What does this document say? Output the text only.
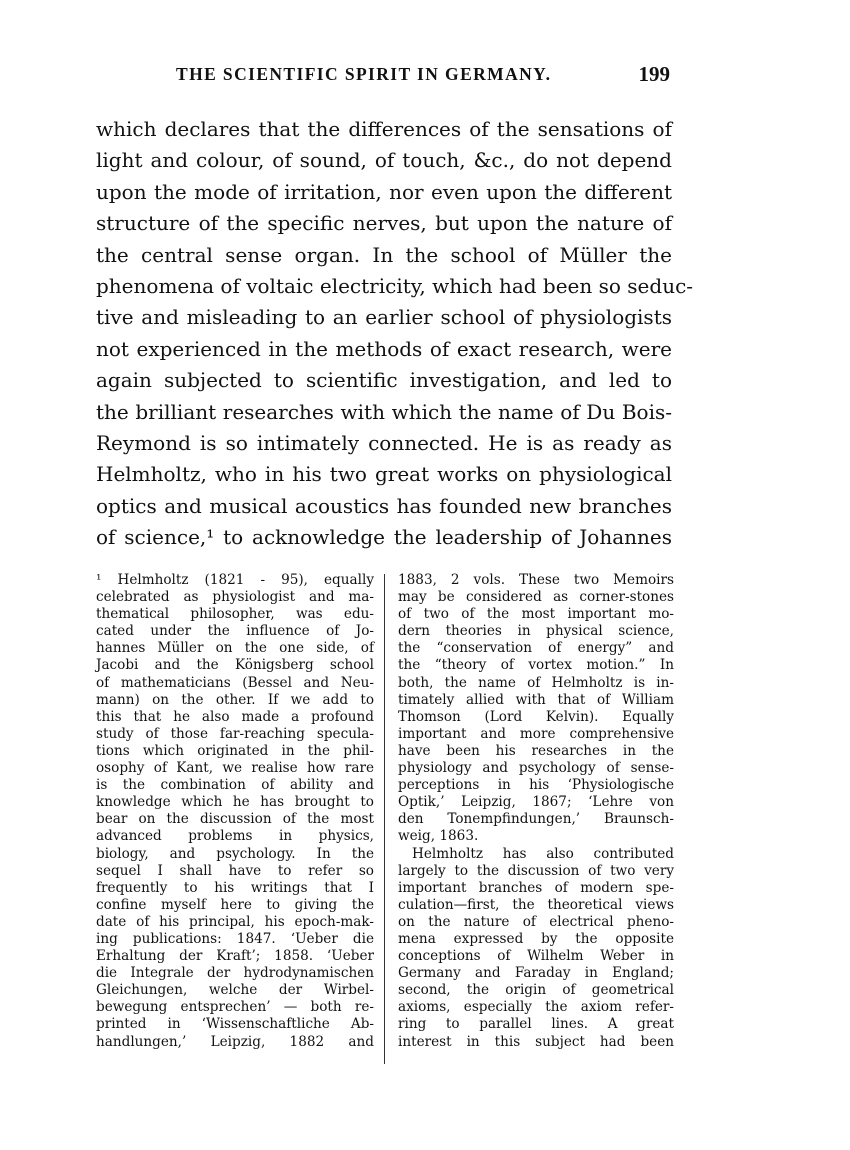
THE SCIENTIFIC SPIRIT IN GERMANY.	199
which declares that the differences of the sensations of
light and colour, of sound, of touch, &c., do not depend
upon the mode of irritation, nor even upon the different
structure of the specific nerves, but upon the nature of
the central sense organ. In the school of Müller the
phenomena of voltaic electricity, which had been so seduc-
tive and misleading to an earlier school of physiologists
not experienced in the methods of exact research, were
again subjected to scientific investigation, and led to
the brilliant researches with which the name of Du Bois-
Reymond is so intimately connected. He is as ready as
Helmholtz, who in his two great works on physiological
optics and musical acoustics has founded new branches
of science,¹ to acknowledge the leadership of Johannes
¹ Helmholtz (1821 - 95), equally
celebrated as physiologist and ma-
thematical philosopher, was edu-
cated under the influence of Jo-
hannes Müller on the one side, of
Jacobi and the Königsberg school
of mathematicians (Bessel and Neu-
mann) on the other. If we add to
this that he also made a profound
study of those far-reaching specula-
tions which originated in the phil-
osophy of Kant, we realise how rare
is the combination of ability and
knowledge which he has brought to
bear on the discussion of the most
advanced problems in physics,
biology, and psychology. In the
sequel I shall have to refer so
frequently to his writings that I
confine myself here to giving the
date of his principal, his epoch-mak-
ing publications: 1847. ‘Ueber die
Erhaltung der Kraft’; 1858. ‘Ueber
die Integrale der hydrodynamischen
Gleichungen, welche der Wirbel-
bewegung entsprechen’ — both re-
printed in ‘Wissenschaftliche Ab-
handlungen,’ Leipzig, 1882 and
1883, 2 vols. These two Memoirs
may be considered as corner-stones
of two of the most important mo-
dern theories in physical science,
the “conservation of energy” and
the “theory of vortex motion.” In
both, the name of Helmholtz is in-
timately allied with that of William
Thomson (Lord Kelvin). Equally
important and more comprehensive
have been his researches in the
physiology and psychology of sense-
perceptions in his ‘Physiologische
Optik,’ Leipzig, 1867; ‘Lehre von
den Tonempfindungen,’ Braunsch-
weig, 1863.
Helmholtz has also contributed
largely to the discussion of two very
important branches of modern spe-
culation—first, the theoretical views
on the nature of electrical pheno-
mena expressed by the opposite
conceptions of Wilhelm Weber in
Germany and Faraday in England;
second, the origin of geometrical
axioms, especially the axiom refer-
ring to parallel lines. A great
interest in this subject had been
